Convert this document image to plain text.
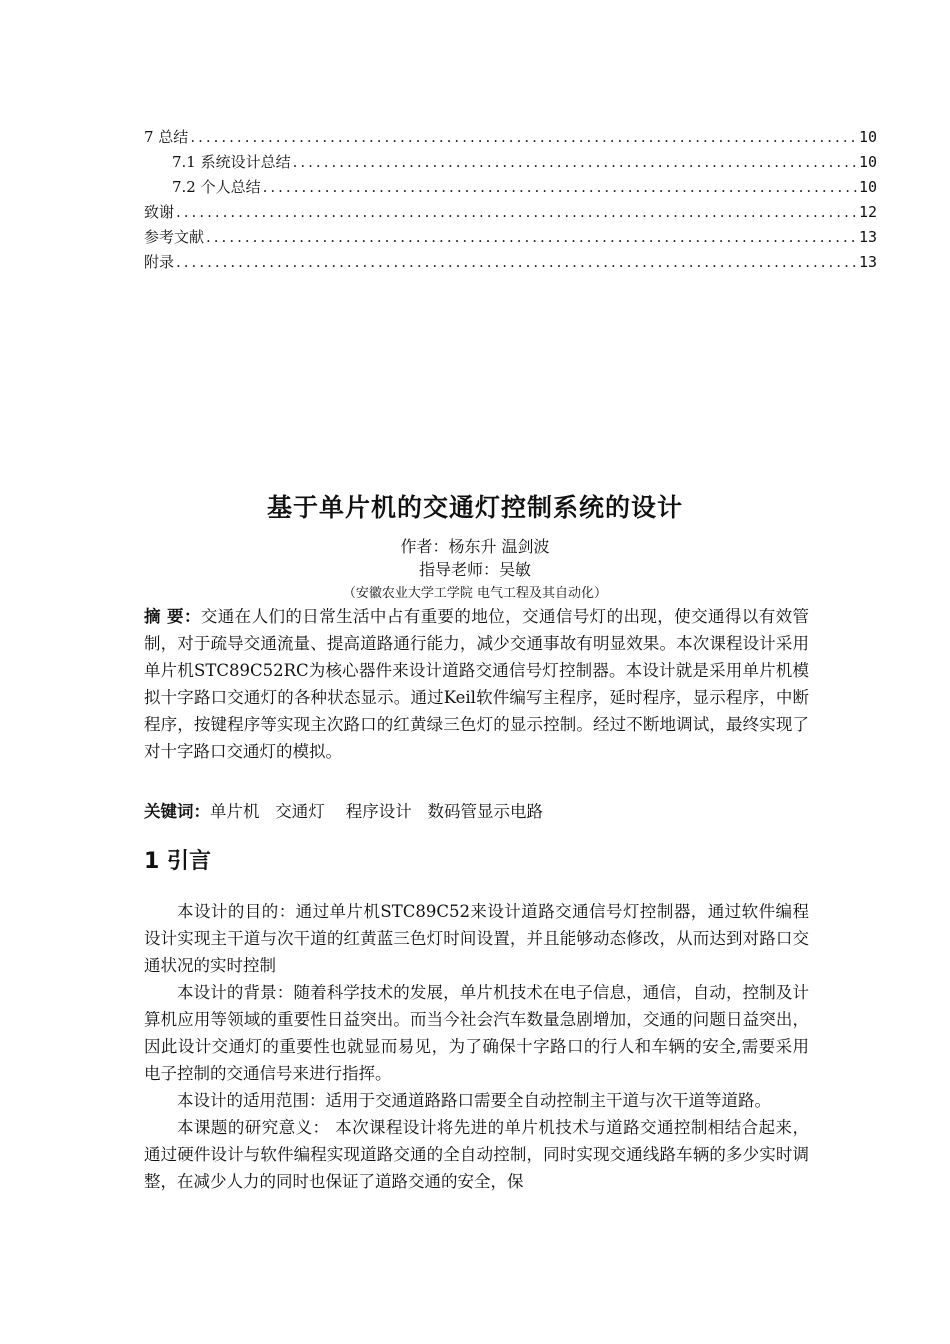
7 总结 .....	10
7.1 系统设计总结 .....	10
7.2 个人总结 .....	10
致谢 .....	12
参考文献 .....	13
附录 .....	13
基于单片机的交通灯控制系统的设计
作者：杨东升 温剑波
指导老师：吴敏
（安徽农业大学工学院 电气工程及其自动化）
摘 要：交通在人们的日常生活中占有重要的地位，交通信号灯的出现，使交通得以有效管制，对于疏导交通流量、提高道路通行能力，减少交通事故有明显效果。本次课程设计采用单片机STC89C52RC为核心器件来设计道路交通信号灯控制器。本设计就是采用单片机模拟十字路口交通灯的各种状态显示。通过Keil软件编写主程序，延时程序，显示程序，中断程序，按键程序等实现主次路口的红黄绿三色灯的显示控制。经过不断地调试，最终实现了对十字路口交通灯的模拟。
关键词：单片机   交通灯    程序设计   数码管显示电路
1 引言

本设计的目的：通过单片机STC89C52来设计道路交通信号灯控制器，通过软件编程设计实现主干道与次干道的红黄蓝三色灯时间设置，并且能够动态修改，从而达到对路口交通状况的实时控制

本设计的背景：随着科学技术的发展，单片机技术在电子信息，通信，自动，控制及计算机应用等领域的重要性日益突出。而当今社会汽车数量急剧增加，交通的问题日益突出，因此设计交通灯的重要性也就显而易见，为了确保十字路口的行人和车辆的安全,需要采用电子控制的交通信号来进行指挥。

本设计的适用范围：适用于交通道路路口需要全自动控制主干道与次干道等道路。

本课题的研究意义： 本次课程设计将先进的单片机技术与道路交通控制相结合起来，通过硬件设计与软件编程实现道路交通的全自动控制，同时实现交通线路车辆的多少实时调整，在减少人力的同时也保证了道路交通的安全，保
